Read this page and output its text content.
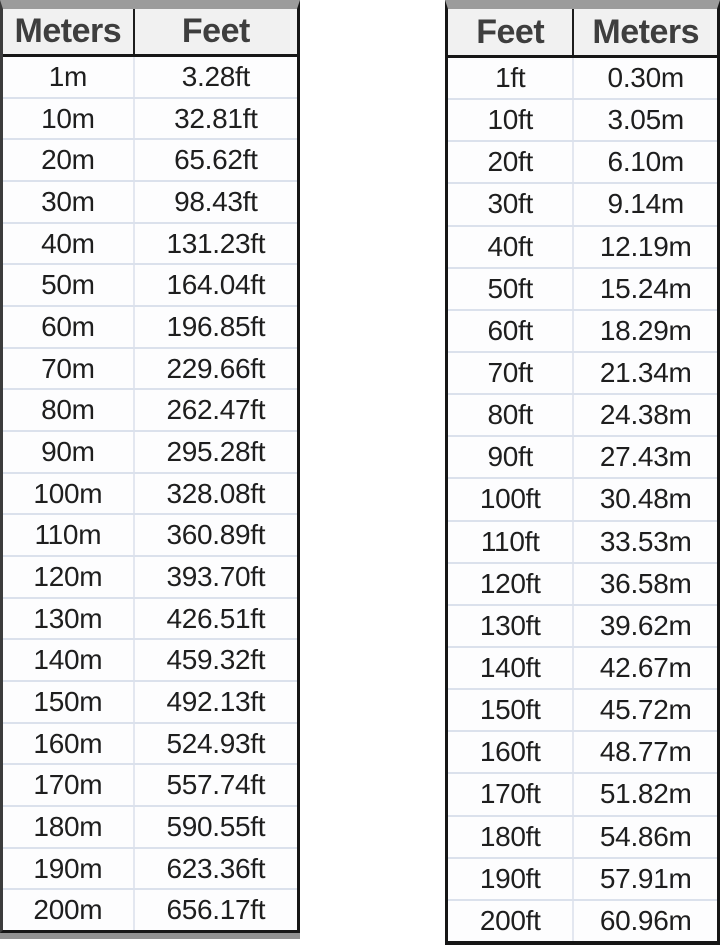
Meters	Feet
1m	3.28ft
10m	32.81ft
20m	65.62ft
30m	98.43ft
40m	131.23ft
50m	164.04ft
60m	196.85ft
70m	229.66ft
80m	262.47ft
90m	295.28ft
100m	328.08ft
110m	360.89ft
120m	393.70ft
130m	426.51ft
140m	459.32ft
150m	492.13ft
160m	524.93ft
170m	557.74ft
180m	590.55ft
190m	623.36ft
200m	656.17ft
Feet	Meters
1ft	0.30m
10ft	3.05m
20ft	6.10m
30ft	9.14m
40ft	12.19m
50ft	15.24m
60ft	18.29m
70ft	21.34m
80ft	24.38m
90ft	27.43m
100ft	30.48m
110ft	33.53m
120ft	36.58m
130ft	39.62m
140ft	42.67m
150ft	45.72m
160ft	48.77m
170ft	51.82m
180ft	54.86m
190ft	57.91m
200ft	60.96m
